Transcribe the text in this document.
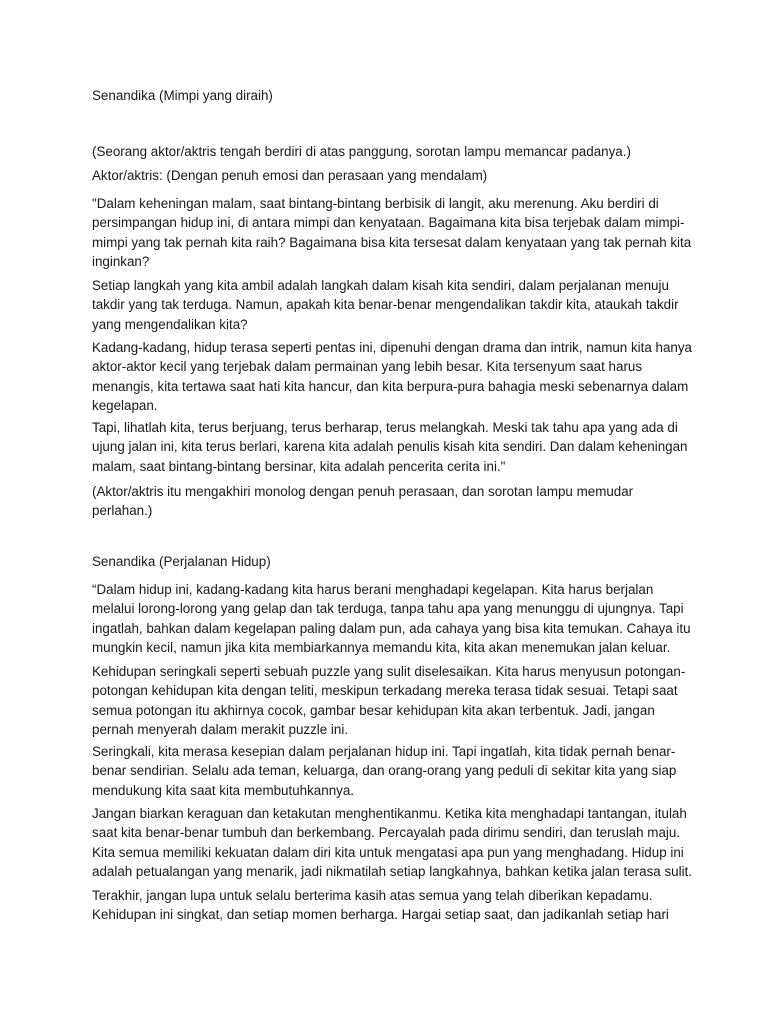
Senandika (Mimpi yang diraih)

(Seorang aktor/aktris tengah berdiri di atas panggung, sorotan lampu memancar padanya.)

Aktor/aktris: (Dengan penuh emosi dan perasaan yang mendalam)

"Dalam keheningan malam, saat bintang-bintang berbisik di langit, aku merenung. Aku berdiri di
persimpangan hidup ini, di antara mimpi dan kenyataan. Bagaimana kita bisa terjebak dalam mimpi-
mimpi yang tak pernah kita raih? Bagaimana bisa kita tersesat dalam kenyataan yang tak pernah kita
inginkan?

Setiap langkah yang kita ambil adalah langkah dalam kisah kita sendiri, dalam perjalanan menuju
takdir yang tak terduga. Namun, apakah kita benar-benar mengendalikan takdir kita, ataukah takdir
yang mengendalikan kita?

Kadang-kadang, hidup terasa seperti pentas ini, dipenuhi dengan drama dan intrik, namun kita hanya
aktor-aktor kecil yang terjebak dalam permainan yang lebih besar. Kita tersenyum saat harus
menangis, kita tertawa saat hati kita hancur, dan kita berpura-pura bahagia meski sebenarnya dalam
kegelapan.

Tapi, lihatlah kita, terus berjuang, terus berharap, terus melangkah. Meski tak tahu apa yang ada di
ujung jalan ini, kita terus berlari, karena kita adalah penulis kisah kita sendiri. Dan dalam keheningan
malam, saat bintang-bintang bersinar, kita adalah pencerita cerita ini."

(Aktor/aktris itu mengakhiri monolog dengan penuh perasaan, dan sorotan lampu memudar
perlahan.)

Senandika (Perjalanan Hidup)

“Dalam hidup ini, kadang-kadang kita harus berani menghadapi kegelapan. Kita harus berjalan
melalui lorong-lorong yang gelap dan tak terduga, tanpa tahu apa yang menunggu di ujungnya. Tapi
ingatlah, bahkan dalam kegelapan paling dalam pun, ada cahaya yang bisa kita temukan. Cahaya itu
mungkin kecil, namun jika kita membiarkannya memandu kita, kita akan menemukan jalan keluar.

Kehidupan seringkali seperti sebuah puzzle yang sulit diselesaikan. Kita harus menyusun potongan-
potongan kehidupan kita dengan teliti, meskipun terkadang mereka terasa tidak sesuai. Tetapi saat
semua potongan itu akhirnya cocok, gambar besar kehidupan kita akan terbentuk. Jadi, jangan
pernah menyerah dalam merakit puzzle ini.

Seringkali, kita merasa kesepian dalam perjalanan hidup ini. Tapi ingatlah, kita tidak pernah benar-
benar sendirian. Selalu ada teman, keluarga, dan orang-orang yang peduli di sekitar kita yang siap
mendukung kita saat kita membutuhkannya.

Jangan biarkan keraguan dan ketakutan menghentikanmu. Ketika kita menghadapi tantangan, itulah
saat kita benar-benar tumbuh dan berkembang. Percayalah pada dirimu sendiri, dan teruslah maju.
Kita semua memiliki kekuatan dalam diri kita untuk mengatasi apa pun yang menghadang. Hidup ini
adalah petualangan yang menarik, jadi nikmatilah setiap langkahnya, bahkan ketika jalan terasa sulit.

Terakhir, jangan lupa untuk selalu berterima kasih atas semua yang telah diberikan kepadamu.
Kehidupan ini singkat, dan setiap momen berharga. Hargai setiap saat, dan jadikanlah setiap hari
